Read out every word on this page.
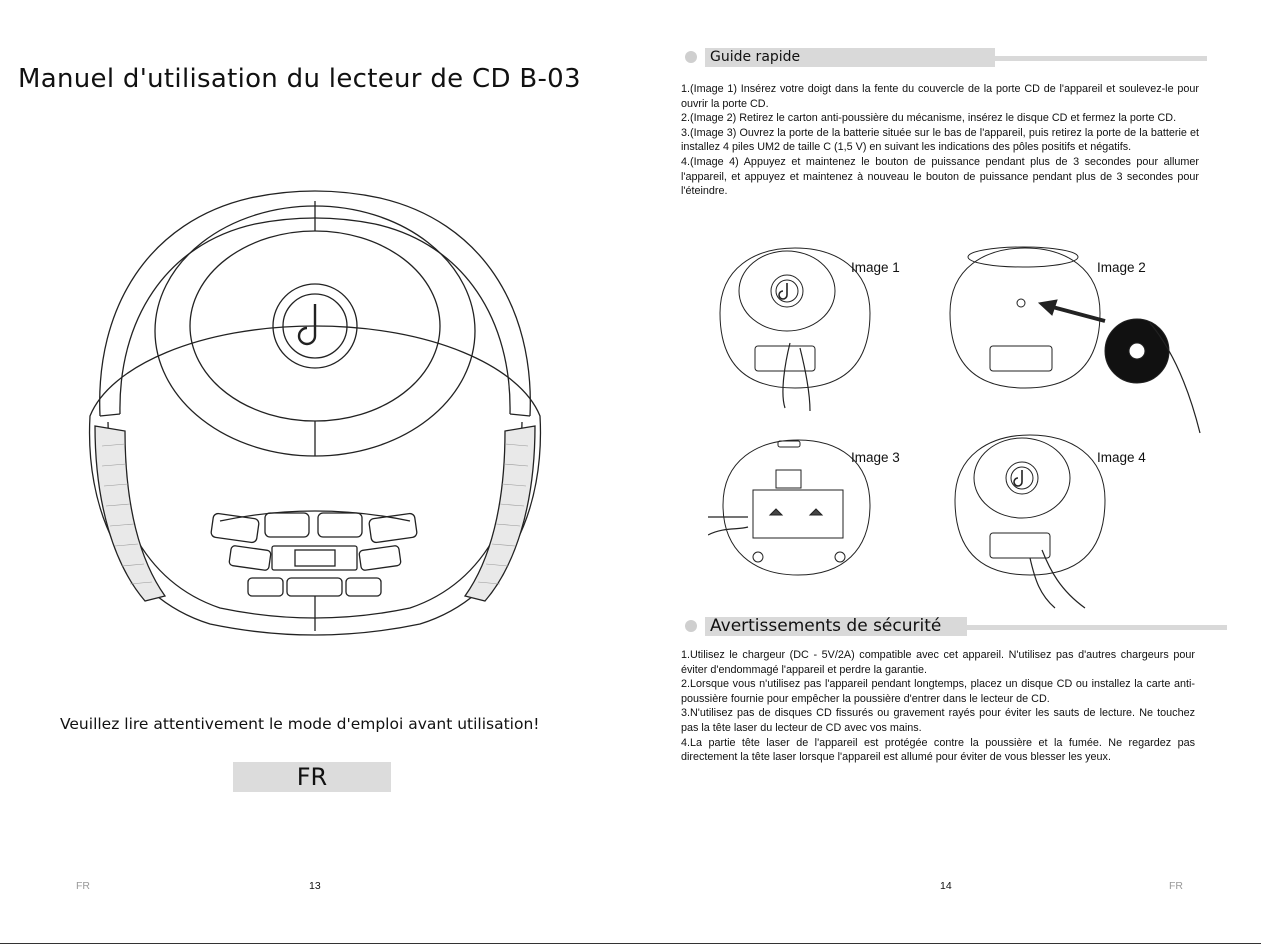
Manuel d'utilisation du lecteur de CD B-03

Veuillez lire attentivement le mode d'emploi avant utilisation!

FR
FR	13
Guide rapide
1.(Image 1) Insérez votre doigt dans la fente du couvercle de la porte CD de l'appareil et soulevez-le pour ouvrir la porte CD.
2.(Image 2) Retirez le carton anti-poussière du mécanisme, insérez le disque CD et fermez la porte CD.
3.(Image 3) Ouvrez la porte de la batterie située sur le bas de l'appareil, puis retirez la porte de la batterie et installez 4 piles UM2 de taille C (1,5 V) en suivant les indications des pôles positifs et négatifs.
4.(Image 4) Appuyez et maintenez le bouton de puissance pendant plus de 3 secondes pour allumer l'appareil, et appuyez et maintenez à nouveau le bouton de puissance pendant plus de 3 secondes pour l'éteindre.
Image 1	Image 2
Image 3	Image 4
Avertissements de sécurité
1.Utilisez le chargeur (DC - 5V/2A) compatible avec cet appareil. N'utilisez pas d'autres chargeurs pour éviter d'endommagé l'appareil et perdre la garantie.
2.Lorsque vous n'utilisez pas l'appareil pendant longtemps, placez un disque CD ou installez la carte anti-poussière fournie pour empêcher la poussière d'entrer dans le lecteur de CD.
3.N'utilisez pas de disques CD fissurés ou gravement rayés pour éviter les sauts de lecture. Ne touchez pas la tête laser du lecteur de CD avec vos mains.
4.La partie tête laser de l'appareil est protégée contre la poussière et la fumée. Ne regardez pas directement la tête laser lorsque l'appareil est allumé pour éviter de vous blesser les yeux.
14	FR
